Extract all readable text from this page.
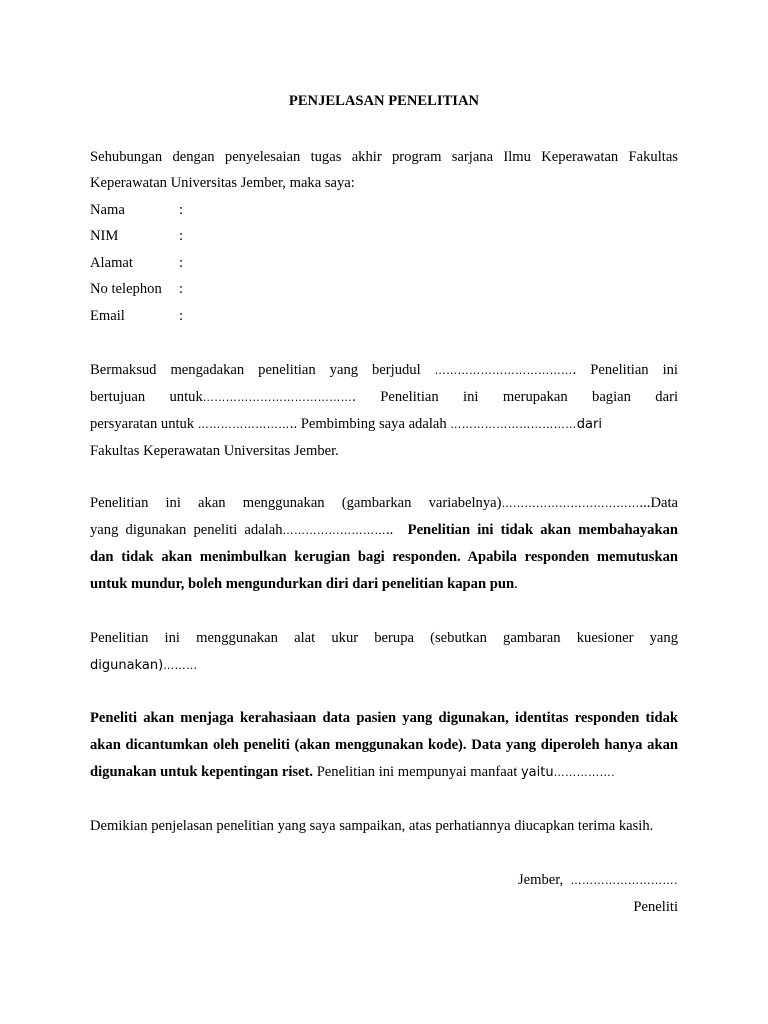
PENJELASAN PENELITIAN
Sehubungan dengan penyelesaian tugas akhir program sarjana Ilmu Keperawatan Fakultas
Keperawatan Universitas Jember, maka saya:
Nama	:
NIM	:
Alamat	:
No telephon :
Email	:
Bermaksud mengadakan penelitian yang berjudul ………………………………. Penelitian ini
bertujuan untuk…………………………………. Penelitian ini merupakan bagian dari
persyaratan untuk …………………….. Pembimbing saya adalah ……………………………dari
Fakultas Keperawatan Universitas Jember.
Penelitian ini akan menggunakan (gambarkan variabelnya)………………………………...Data
yang digunakan peneliti adalah………………………..  Penelitian ini tidak akan membahayakan
dan tidak akan menimbulkan kerugian bagi responden. Apabila responden memutuskan
untuk mundur, boleh mengundurkan diri dari penelitian kapan pun.
Penelitian ini menggunakan alat ukur berupa (sebutkan gambaran kuesioner yang
digunakan)………
Peneliti akan menjaga kerahasiaan data pasien yang digunakan, identitas responden tidak
akan dicantumkan oleh peneliti (akan menggunakan kode). Data yang diperoleh hanya akan
digunakan untuk kepentingan riset. Penelitian ini mempunyai manfaat yaitu…………….
Demikian penjelasan penelitian yang saya sampaikan, atas perhatiannya diucapkan terima kasih.
Jember,  ……………………….
Peneliti
